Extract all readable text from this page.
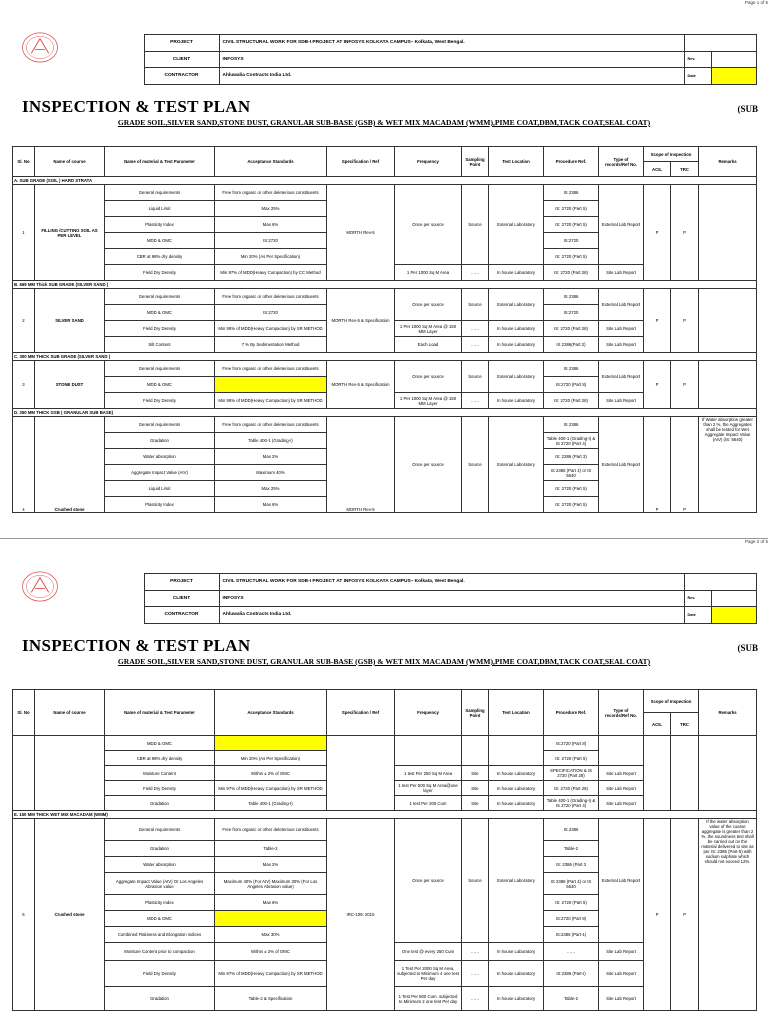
Page 1 of 5
	PROJECT	CIVIL STRUCTURAL WORK FOR SDB-I PROJECT AT INFOSYS KOLKATA CAMPUS– Kolkata, West Bengal.		
	CLIENT	INFOSYS	Rev.	
	CONTRACTOR	Ahluwalia Contracts India Ltd.	Date	
INSPECTION & TEST PLAN	(SUB
GRADE SOIL,SILVER SAND,STONE DUST, GRANULAR SUB-BASE (GSB) & WET MIX MACADAM (WMM),PIME COAT,DBM,TACK COAT,SEAL COAT)
Sl. No	Name of course	Name of material & Test Parameter	Acceptance Standards	Specification / Ref	Frequency	Sampling Point	Test Location	Procedure Ref.	Type of records/Ref No.	Scope of Inspection		Remarks
										ACIL	TRC	
A. SUB GRADE (SOIL ) HARD STRATA												
1	FILLING /CUTTING SOIL AS PER LEVEL	General requirements	Free from organic or other deleterious constituents	MORTH Rev-5	Once per source	Source	External Laboratory	IS 2386	External Lab Report	P	P	
		Liquid Limit	Max 25%					IS: 2720 (Part 5)				
		Plasticity Index	Max 6%					IS: 2720 (Part 5)				
		MDD & OMC	IS:2720					IS:2720				
		CBR at 98% dry density	Min 20% (As Per Specification)					IS: 2720 (Part 5)				
		Field Dry Density	Min 97% of MDD(Heavy Compaction) by CC Method		1 Per 1000 Sq M Area	……	In house Laboratory	IS: 2720 (Part 28)	Site Lab Report			
B. 669 MM Thick SUB GRADE (SILVER SAND )												
2	SILVER SAND	General requirements	Free from organic or other deleterious constituents	MORTH Rev-5 & Specification	Once per source	Source	External Laboratory	IS 2386	External Lab Report	P	P	
		MDD & OMC	IS:2720					IS:2720				
		Field Dry Density	Min 95% of MDD(Heavy Compaction) by SR METHOD		1 Per 1000 Sq M Area @ 150 MM Layer	……	In house Laboratory	IS: 2720 (Part 28)	Site Lab Report			
		Silt Content	7 % By Sedimentation Method		Each Load	……	In house Laboratory	IS 2386(Part 2)	Site Lab Report			
C. 300 MM THICK SUB GRADE (SILVER SAND )												
3	STONE DUST	General requirements	Free from organic or other deleterious constituents	MORTH Rev-5 & Specification	Once per source	Source	External Laboratory	IS 2386	External Lab Report	P	P	
		MDD & OMC						IS:2720 (Part 8)				
		Field Dry Density	Min 95% of MDD(Heavy Compaction) by SR METHOD		1 Per 1000 Sq M Area @ 150 MM Layer	……	In house Laboratory	IS: 2720 (Part 28)	Site Lab Report			
D. 250 MM THICK GSB ( GRANULAR SUB BASE)												
4	Crushed stone	General requirements	Free from organic or other deleterious constituents	MORTH Rev-5	Once per source	Source	External Laboratory	IS 2386	External Lab Report	P	P	If Water absorption greater than 2 %, the Aggregates shall be tested for Wet Aggregate Impact Value (AIV) (IS: 5640)
		Gradation	Table 400-1 (Grading-I)					Table 400-1 (Grading-I) & IS 2720 (Part 4)				
		Water absorption	Max 2%					IS: 2386 (Part 3)				
		Aggregate Impact Value (AIV)	Maximum 40%					IS 2386 (Part 4) or IS 5640				
		Liquid Limit	Max 25%					IS: 2720 (Part 5)				
		Plasticity Index	Max 6%					IS: 2720 (Part 5)				
Page 2 of 5
	PROJECT	CIVIL STRUCTURAL WORK FOR SDB-I PROJECT AT INFOSYS KOLKATA CAMPUS– Kolkata, West Bengal.		
	CLIENT	INFOSYS	Rev.	
	CONTRACTOR	Ahluwalia Contracts India Ltd.	Date	
INSPECTION & TEST PLAN	(SUB
GRADE SOIL,SILVER SAND,STONE DUST, GRANULAR SUB-BASE (GSB) & WET MIX MACADAM (WMM),PIME COAT,DBM,TACK COAT,SEAL COAT)
Sl. No	Name of course	Name of material & Test Parameter	Acceptance Standards	Specification / Ref	Frequency	Sampling Point	Test Location	Procedure Ref.	Type of records/Ref No.	Scope of Inspection		Remarks
										ACIL	TRC	
		MDD & OMC						IS:2720 (Part 8)				
		CBR at 98% dry density	Min 20% (As Per Specification)					IS: 2720 (Part 5)				
		Moisture Content	Within ± 2% of OMC		1 test Per 250 Sq M Area	Site	In house Laboratory	SPECIFICATION & IS 2720 (Part 28)	Site Lab Report			
		Field Dry Density	Min 97% of MDD(Heavy Compaction) by SR METHOD		1 test Per 500 Sq M Area@one layer	Site	In house Laboratory	IS: 2720 (Part 28)	Site Lab Report			
		Gradation	Table 400-1 (Grading-I)		1 test Per 200 Cum	Site	In house Laboratory	Table 400-1 (Grading-I) & IS 2720 (Part 4)	Site Lab Report			
E. 150 MM THICK WET MIX MACADAM (WMM)												
5	Crushed stone	General requirements	Free from organic or other deleterious constituents	IRC-109: 2015	Once per source	Source	External Laboratory	IS 2386	External Lab Report	P	P	If the water absorption value of the coarse aggregate is greater than 2 %, the soundness test shall be carried out on the material delivered to site as per IS: 2386 (Part-5) with sodium sulphate which should not exceed 12%.
		Gradation	Table-2					Table-2				
		Water absorption	Max 2%					IS: 2386 (Part 3				
		Aggregate Impact Value (AIV) Or Los Angeles Abrasion value	Maximum 40% (For AIV) Maximum 30% (For Los Angeles Abrasion value)					IS 2386 (Part 4) or IS 5640				
		Plasticity Index	Max 6%					IS: 2720 (Part 5)				
		MDD & OMC						IS:2720 (Part 8)				
		Combined Flakiness and Elongation indices	Max 30%					IS:2386 (Part-1)				
		Moisture Content prior to compaction	Within ± 2% of OMC		One test @ every 250 Cum	……	In house Laboratory	……	Site Lab Report			
		Field Dry Density	Min 97% of MDD(Heavy Compaction) by SR METHOD		1 Test Per 2000 Sq M Area, subjected to Minimum 4 one test Per day	……	In house Laboratory	IS:2386 (Part-I)	Site Lab Report			
		Gradation	Table-2 & Specification		1 Test Per 500 Cum. subjected to Minimum 2 one test Per day	……	In house Laboratory	Table-2	Site Lab Report			
